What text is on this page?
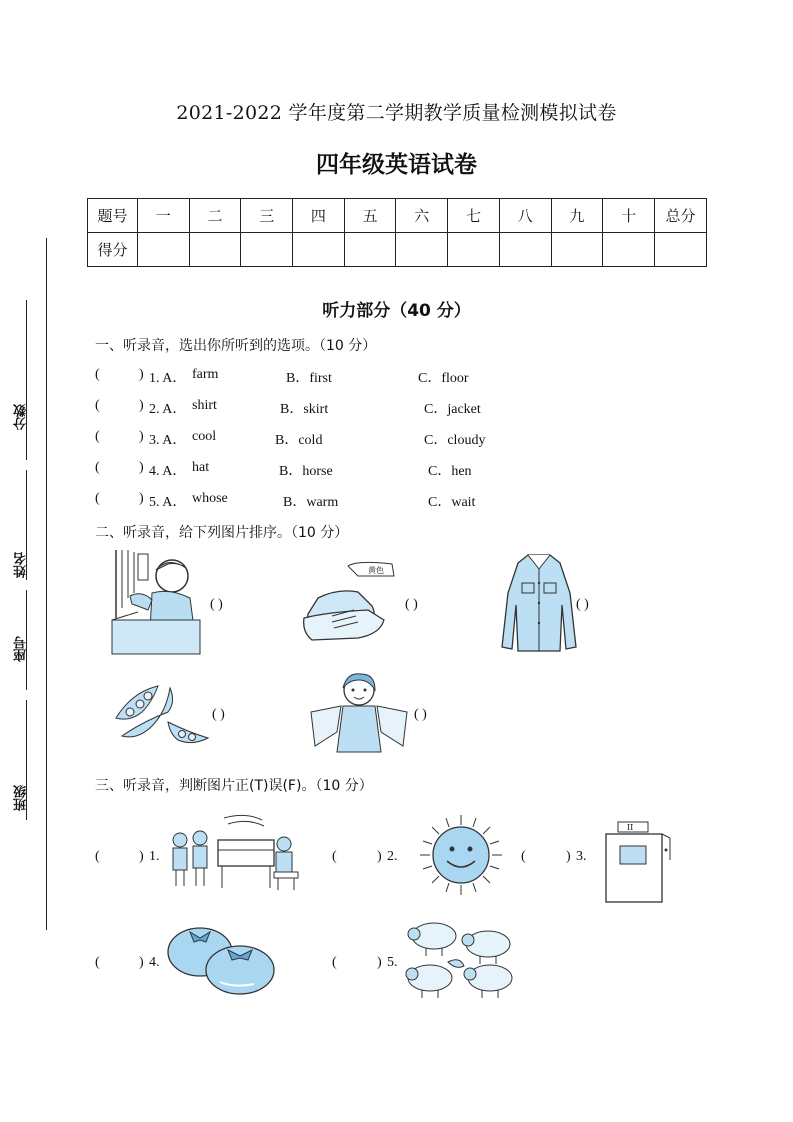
分数
姓名
座号
班级
2021-2022 学年度第二学期教学质量检测模拟试卷
四年级英语试卷
题号	一	二	三	四	五	六	七	八	九	十	总分
得分											
听力部分（40 分）
一、听录音，选出你所听到的选项。（10 分）
(	) 1. A． farm	B．first	C．floor
(	) 2. A． shirt	B．skirt	C．jacket
(	) 3. A． cool	B．cold	C．cloudy
(	) 4. A． hat	B．horse	C．hen
(	) 5. A． whose	B．warm	C．wait
二、听录音，给下列图片排序。（10 分）
( )
黄色
( )	( )
( )	( )
三、听录音，判断图片正(T)误(F)。（10 分）
(	) 1.	(	) 2.	(	) 3.
II
(	) 4.	(	) 5.
